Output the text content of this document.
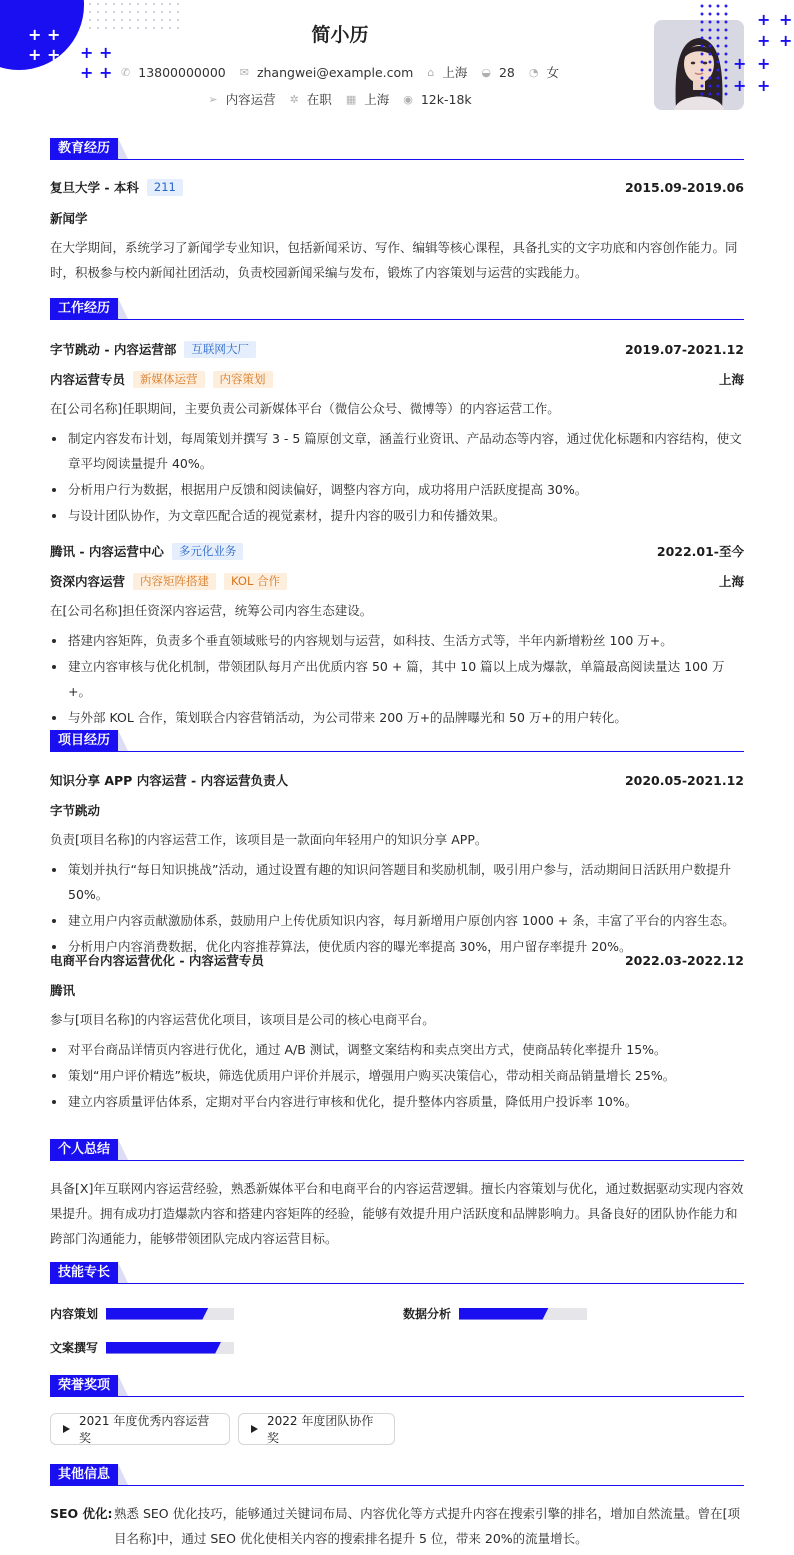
+ +
+ + + +
+ +
简小历
✆ 13800000000 ✉ zhangwei@example.com ⌂ 上海 ◒ 28 ◔ 女
➢ 内容运营 ✲ 在职 ▦ 上海 ◉ 12k-18k
+ +
+ +
+ +
+ +
教育经历
复旦大学 - 本科	211	2015.09-2019.06
新闻学
在大学期间，系统学习了新闻学专业知识，包括新闻采访、写作、编辑等核心课程，具备扎实的文字功底和内容创作能力。同时，积极参与校内新闻社团活动，负责校园新闻采编与发布，锻炼了内容策划与运营的实践能力。
工作经历
字节跳动 - 内容运营部	互联网大厂	2019.07-2021.12
内容运营专员	新媒体运营	内容策划	上海
在[公司名称]任职期间，主要负责公司新媒体平台（微信公众号、微博等）的内容运营工作。
制定内容发布计划，每周策划并撰写 3 - 5 篇原创文章，涵盖行业资讯、产品动态等内容，通过优化标题和内容结构，使文章平均阅读量提升 40%。
分析用户行为数据，根据用户反馈和阅读偏好，调整内容方向，成功将用户活跃度提高 30%。
与设计团队协作，为文章匹配合适的视觉素材，提升内容的吸引力和传播效果。
腾讯 - 内容运营中心	多元化业务	2022.01-至今
资深内容运营	内容矩阵搭建	KOL 合作	上海
在[公司名称]担任资深内容运营，统筹公司内容生态建设。
搭建内容矩阵，负责多个垂直领域账号的内容规划与运营，如科技、生活方式等，半年内新增粉丝 100 万+。
建立内容审核与优化机制，带领团队每月产出优质内容 50 + 篇，其中 10 篇以上成为爆款，单篇最高阅读量达 100 万+。
与外部 KOL 合作，策划联合内容营销活动，为公司带来 200 万+的品牌曝光和 50 万+的用户转化。
项目经历
知识分享 APP 内容运营 - 内容运营负责人	2020.05-2021.12
字节跳动
负责[项目名称]的内容运营工作，该项目是一款面向年轻用户的知识分享 APP。
策划并执行“每日知识挑战”活动，通过设置有趣的知识问答题目和奖励机制，吸引用户参与，活动期间日活跃用户数提升 50%。
建立用户内容贡献激励体系，鼓励用户上传优质知识内容，每月新增用户原创内容 1000 + 条，丰富了平台的内容生态。
分析用户内容消费数据，优化内容推荐算法，使优质内容的曝光率提高 30%，用户留存率提升 20%。
电商平台内容运营优化 - 内容运营专员	2022.03-2022.12
腾讯
参与[项目名称]的内容运营优化项目，该项目是公司的核心电商平台。
对平台商品详情页内容进行优化，通过 A/B 测试，调整文案结构和卖点突出方式，使商品转化率提升 15%。
策划“用户评价精选”板块，筛选优质用户评价并展示，增强用户购买决策信心，带动相关商品销量增长 25%。
建立内容质量评估体系，定期对平台内容进行审核和优化，提升整体内容质量，降低用户投诉率 10%。
个人总结
具备[X]年互联网内容运营经验，熟悉新媒体平台和电商平台的内容运营逻辑。擅长内容策划与优化，通过数据驱动实现内容效果提升。拥有成功打造爆款内容和搭建内容矩阵的经验，能够有效提升用户活跃度和品牌影响力。具备良好的团队协作能力和跨部门沟通能力，能够带领团队完成内容运营目标。
技能专长
内容策划	数据分析
文案撰写
荣誉奖项
2021 年度优秀内容运营奖
2022 年度团队协作奖
其他信息
SEO 优化: 熟悉 SEO 优化技巧，能够通过关键词布局、内容优化等方式提升内容在搜索引擎的排名，增加自然流量。曾在[项目名称]中，通过 SEO 优化使相关内容的搜索排名提升 5 位，带来 20%的流量增长。
